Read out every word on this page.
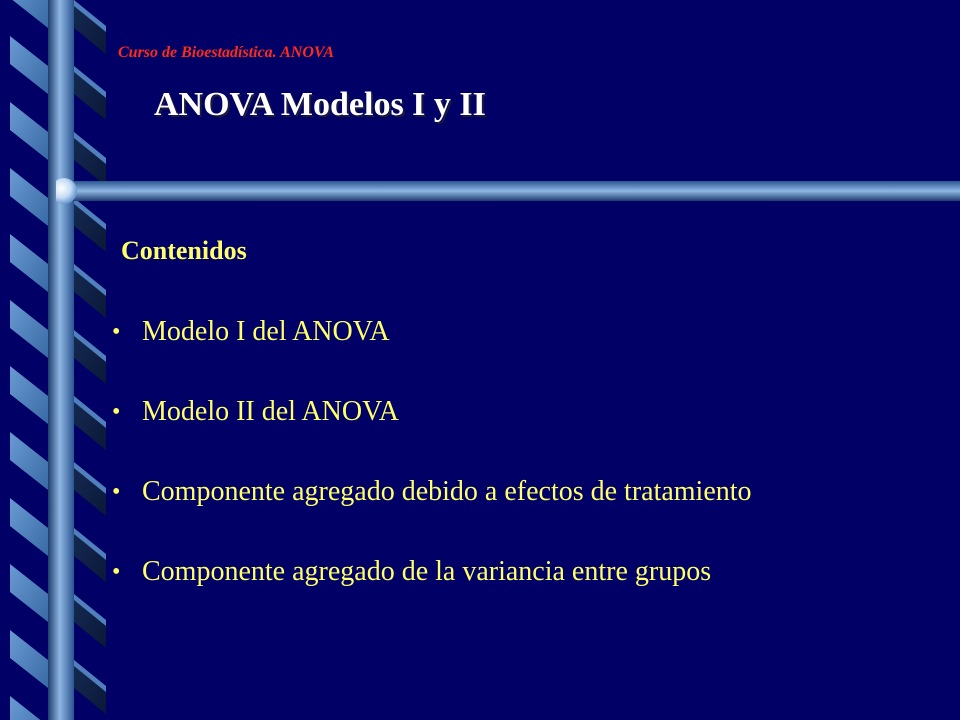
Curso de Bioestadística. ANOVA

ANOVA Modelos I y II
Contenidos
• Modelo I del ANOVA
• Modelo II del ANOVA
• Componente agregado debido a efectos de tratamiento
• Componente agregado de la variancia entre grupos
